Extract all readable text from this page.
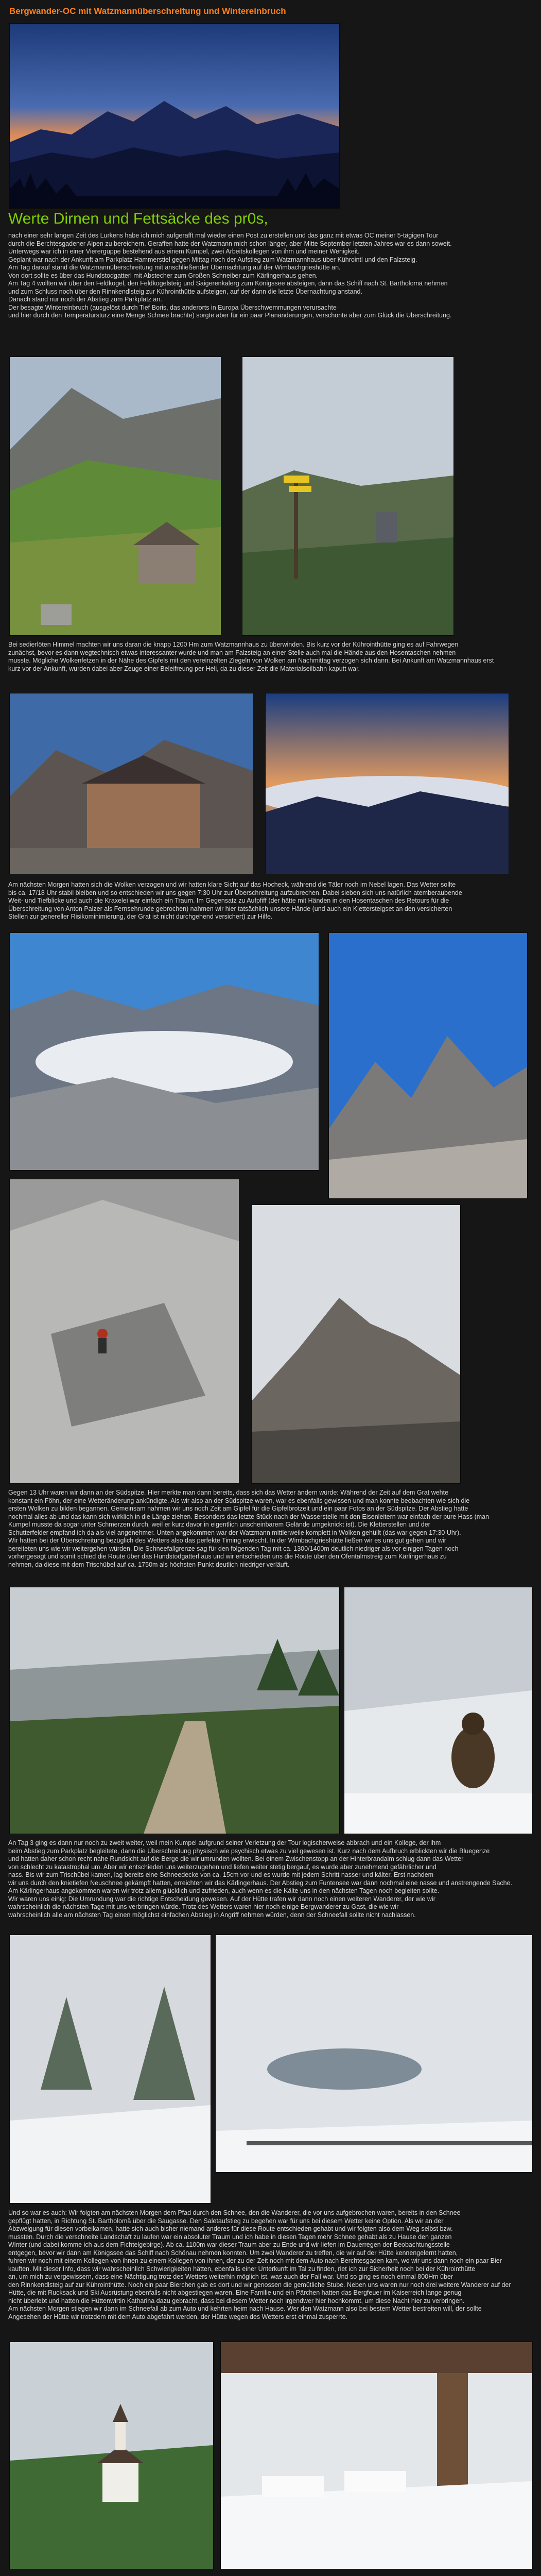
Bergwander-OC mit Watzmannüberschreitung und Wintereinbruch
Werte Dirnen und Fettsäcke des pr0s,
nach einer sehr langen Zeit des Lurkens habe ich mich aufgerafft mal wieder einen Post zu erstellen und das ganz mit etwas OC meiner 5-tägigen Tour
durch die Berchtesgadener Alpen zu bereichern. Geraffen hatte der Watzmann mich schon länger, aber Mitte September letzten Jahres war es dann soweit.
Unterwegs war ich in einer Viererguppe bestehend aus einem Kumpel, zwei Arbeitskollegen von ihm und meiner Wenigkeit.
Geplant war nach der Ankunft am Parkplatz Hammerstiel gegen Mittag noch der Aufstieg zum Watzmannhaus über Kührointl und den Falzsteig.
Am Tag darauf stand die Watzmannüberschreitung mit anschließender Übernachtung auf der Wimbachgrieshütte an.
Von dort sollte es über das Hundstodgatterl mit Abstecher zum Großen Schneiber zum Kärlingerhaus gehen.
Am Tag 4 wollten wir über den Feldkogel, den Feldkogelsteig und Saigerenkalerg zum Königssee absteigen, dann das Schiff nach St. Bartholomä nehmen
und zum Schluss noch über den Rinnkendlsteig zur Kührointhütte aufsteigen, auf der dann die letzte Übernachtung anstand.
Danach stand nur noch der Abstieg zum Parkplatz an.
Der besagte Wintereinbruch (ausgelöst durch Tief Boris, das anderorts in Europa Überschwemmungen verursachte
und hier durch den Temperatursturz eine Menge Schnee brachte) sorgte aber für ein paar Planänderungen, verschonte aber zum Glück die Überschreitung.
Bei sedierlöten Himmel machten wir uns daran die knapp 1200 Hm zum Watzmannhaus zu überwinden. Bis kurz vor der Kührointhütte ging es auf Fahrwegen
zunächst, bevor es dann wegtechnisch etwas interessanter wurde und man am Falzsteig an einer Stelle auch mal die Hände aus den Hosentaschen nehmen
musste. Mögliche Wolkenfetzen in der Nähe des Gipfels mit den vereinzelten Ziegeln von Wolken am Nachmittag verzogen sich dann. Bei Ankunft am Watzmannhaus erst
kurz vor der Ankunft, wurden dabei aber Zeuge einer Beleifreung per Heli, da zu dieser Zeit die Materialseilbahn kaputt war.
Am nächsten Morgen hatten sich die Wolken verzogen und wir hatten klare Sicht auf das Hocheck, während die Täler noch im Nebel lagen. Das Wetter sollte
bis ca. 17/18 Uhr stabil bleiben und so entschieden wir uns gegen 7:30 Uhr zur Überschreitung aufzubrechen. Dabei sieben sich uns natürlich atemberaubende
Weit- und Tiefblicke und auch die Kraxelei war einfach ein Traum. Im Gegensatz zu Aufpfiff (der hätte mit Händen in den Hosentaschen des Retours für die
Überschreitung von Anton Palzer als Fernsehrunde gebrochen) nahmen wir hier tatsächlich unsere Hände (und auch ein Klettersteigset an den versicherten
Stellen zur genereller Risikominimierung, der Grat ist nicht durchgehend versichert) zur Hilfe.
Gegen 13 Uhr waren wir dann an der Südspitze. Hier merkte man dann bereits, dass sich das Wetter ändern würde: Während der Zeit auf dem Grat wehte
konstant ein Föhn, der eine Wetteränderung ankündigte. Als wir also an der Südspitze waren, war es ebenfalls gewissen und man konnte beobachten wie sich die
ersten Wolken zu bilden begannen. Gemeinsam nahmen wir uns noch Zeit am Gipfel für die Gipfelbrotzeit und ein paar Fotos an der Südspitze. Der Abstieg hatte
nochmal alles ab und das kann sich wirklich in die Länge ziehen. Besonders das letzte Stück nach der Wasserstelle mit den Eisenleitern war einfach der pure Hass (man
Kumpel musste da sogar unter Schmerzen durch, weil er kurz davor in eigentlich unscheinbarem Gelände umgeknickt ist). Die Kletterstellen und der
Schutterfelder empfand ich da als viel angenehmer. Unten angekommen war der Watzmann mittlerweile komplett in Wolken gehüllt (das war gegen 17:30 Uhr).
Wir hatten bei der Überschreitung bezüglich des Wetters also das perfekte Timing erwischt. In der Wimbachgrieshütte ließen wir es uns gut gehen und wir
bereiteten uns wie wir weitergehen würden. Die Schneefallgrenze sag für den folgenden Tag mit ca. 1300/1400m deutlich niedriger als vor einigen Tagen noch
vorhergesagt und somit schied die Route über das Hundstodgatterl aus und wir entschieden uns die Route über den Ofentalmstreig zum Kärlingerhaus zu
nehmen, da diese mit dem Trischübel auf ca. 1750m als höchsten Punkt deutlich niedriger verläuft.
An Tag 3 ging es dann nur noch zu zweit weiter, weil mein Kumpel aufgrund seiner Verletzung der Tour logischerweise abbrach und ein Kollege, der ihm
beim Abstieg zum Parkplatz begleitete, dann die Überschreitung physisch wie psychisch etwas zu viel gewesen ist. Kurz nach dem Aufbruch erblickten wir die Bluegenze
und hatten daher schon recht nahe Rundsicht auf die Berge die wir umrunden wollten. Bei einem Zwischenstopp an der Hinterbrandalm schlug dann das Wetter
von schlecht zu katastrophal um. Aber wir entschieden uns weiterzugehen und liefen weiter stetig bergauf, es wurde aber zunehmend gefährlicher und
nass. Bis wir zum Trischübel kamen, lag bereits eine Schneedecke von ca. 15cm vor und es wurde mit jedem Schritt nasser und kälter. Erst nachdem
wir uns durch den knietiefen Neuschnee gekämpft hatten, erreichten wir das Kärlingerhaus. Der Abstieg zum Funtensee war dann nochmal eine nasse und anstrengende Sache.
Am Kärlingerhaus angekommen waren wir trotz allem glücklich und zufrieden, auch wenn es die Kälte uns in den nächsten Tagen noch begleiten sollte.
Wir waren uns einig: Die Umrundung war die richtige Entscheidung gewesen. Auf der Hütte trafen wir dann noch einen weiteren Wanderer, der wie wir
wahrscheinlich die nächsten Tage mit uns verbringen würde. Trotz des Wetters waren hier noch einige Bergwanderer zu Gast, die wie wir
wahrscheinlich alle am nächsten Tag einen möglichst einfachen Abstieg in Angriff nehmen würden, denn der Schneefall sollte nicht nachlassen.
Und so war es auch: Wir folgten am nächsten Morgen dem Pfad durch den Schnee, den die Wanderer, die vor uns aufgebrochen waren, bereits in den Schnee
gepflügt hatten, in Richtung St. Bartholomä über die Saugasse. Den Saletaufstieg zu begehen war für uns bei diesem Wetter keine Option. Als wir an der
Abzweigung für diesen vorbeikamen, hatte sich auch bisher niemand anderes für diese Route entschieden gehabt und wir folgten also dem Weg selbst bzw.
mussten. Durch die verschneite Landschaft zu laufen war ein absoluter Traum und ich habe in diesen Tagen mehr Schnee gehabt als zu Hause den ganzen
Winter (und dabei komme ich aus dem Fichtelgebirge). Ab ca. 1100m war dieser Traum aber zu Ende und wir liefen im Dauerregen der Beobachtungsstelle
entgegen, bevor wir dann am Königssee das Schiff nach Schönau nehmen konnten. Um zwei Wanderer zu treffen, die wir auf der Hütte kennengelernt hatten,
fuhren wir noch mit einem Kollegen von ihnen zu einem Kollegen von ihnen, der zu der Zeit noch mit dem Auto nach Berchtesgaden kam, wo wir uns dann noch ein paar Bier
kauften. Mit dieser Info, dass wir wahrscheinlich Schwierigkeiten hätten, ebenfalls einer Unterkunft im Tal zu finden, riet ich zur Sicherheit noch bei der Kührointhütte
an, um mich zu vergewissern, dass eine Nächtigung trotz des Wetters weiterhin möglich ist, was auch der Fall war. Und so ging es noch einmal 800Hm über
den Rinnkendlsteig auf zur Kührointhütte. Noch ein paar Bierchen gab es dort und wir genossen die gemütliche Stube. Neben uns waren nur noch drei weitere Wanderer auf der
Hütte, die mit Rucksack und Ski Ausrüstung ebenfalls nicht abgestiegen waren. Eine Familie und ein Pärchen hatten das Bergfeuer im Kaiserreich lange genug
nicht überlebt und hatten die Hüttenwirtin Katharina dazu gebracht, dass bei diesem Wetter noch irgendwer hier hochkommt, um diese Nacht hier zu verbringen.
Am nächsten Morgen stiegen wir dann im Schneefall ab zum Auto und kehrten heim nach Hause. Wer den Watzmann also bei bestem Wetter bestreiten will, der sollte
Angesehen der Hütte wir trotzdem mit dem Auto abgefahrt werden, der Hütte wegen des Wetters erst einmal zusperrte.
